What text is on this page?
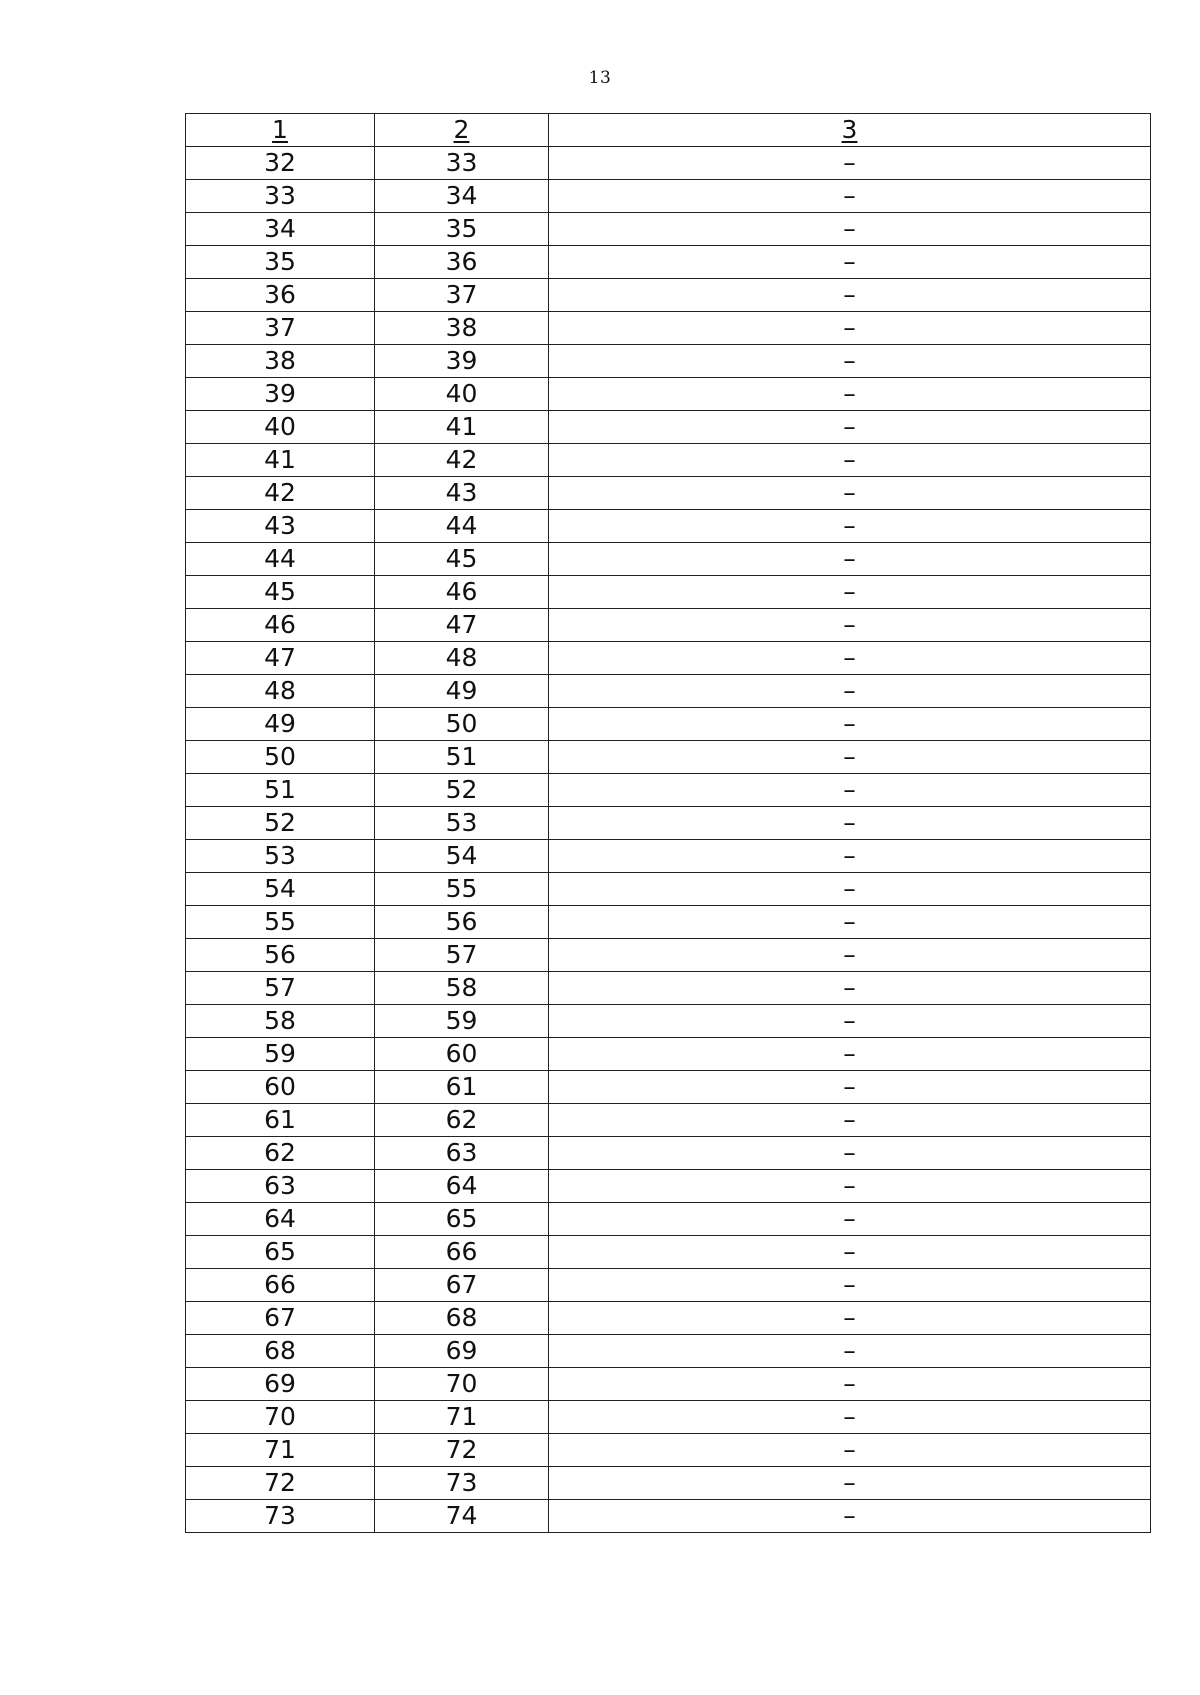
13
1	2	3
32	33	–
33	34	–
34	35	–
35	36	–
36	37	–
37	38	–
38	39	–
39	40	–
40	41	–
41	42	–
42	43	–
43	44	–
44	45	–
45	46	–
46	47	–
47	48	–
48	49	–
49	50	–
50	51	–
51	52	–
52	53	–
53	54	–
54	55	–
55	56	–
56	57	–
57	58	–
58	59	–
59	60	–
60	61	–
61	62	–
62	63	–
63	64	–
64	65	–
65	66	–
66	67	–
67	68	–
68	69	–
69	70	–
70	71	–
71	72	–
72	73	–
73	74	–
